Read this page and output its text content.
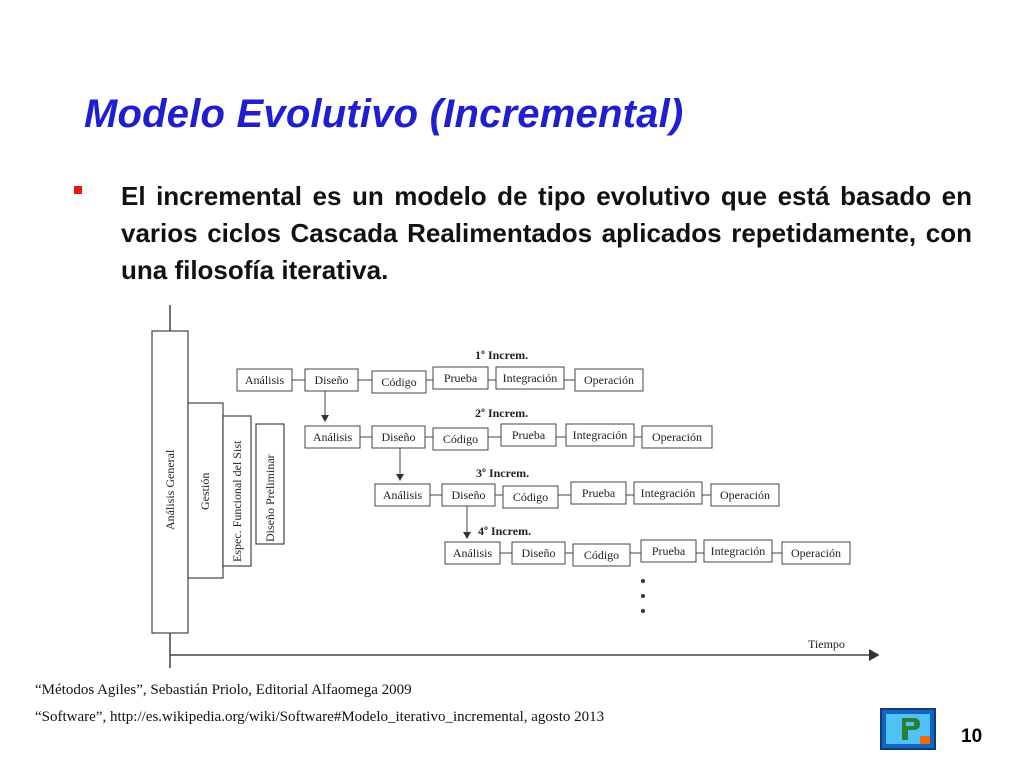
Modelo Evolutivo (Incremental)

El incremental es un modelo de tipo evolutivo que está basado en varios ciclos Cascada Realimentados aplicados repetidamente, con una filosofía iterativa.

Tiempo
Análisis General Gestión Espec. Funcional del Sist Diseño Preliminar
1º Increm.
2º Increm.
3º Increm.
4º Increm.
Análisis	Diseño	Código Prueba Integración Operación
Análisis Diseño Código	Prueba Integración Operación
Análisis Diseño Código	Prueba Integración Operación
Análisis Diseño Código	Prueba Integración Operación
“Métodos Agiles”, Sebastián Priolo, Editorial Alfaomega 2009
“Software”, http://es.wikipedia.org/wiki/Software#Modelo_iterativo_incremental, agosto 2013
10
